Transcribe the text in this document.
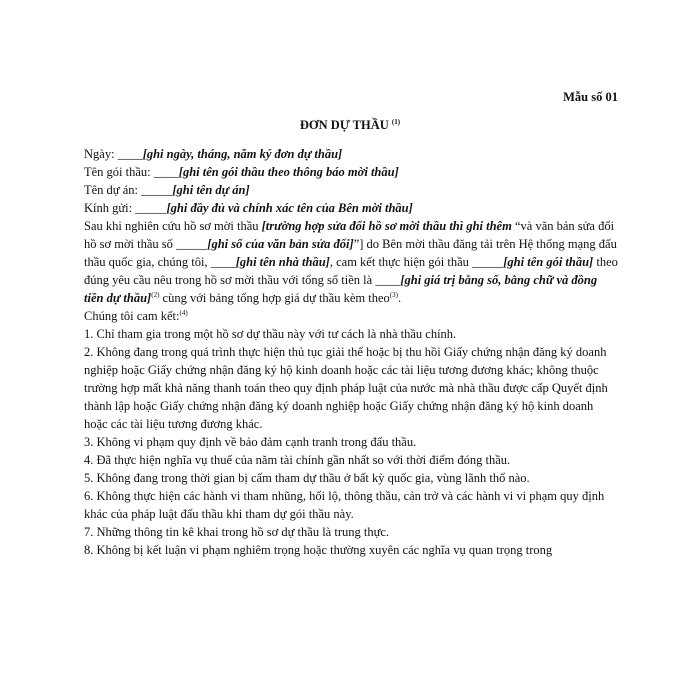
Mẫu số 01
ĐƠN DỰ THẦU $^{(1)}$

Ngày: ____[ghi ngày, tháng, năm ký đơn dự thầu]

Tên gói thầu: ____[ghi tên gói thầu theo thông báo mời thầu]

Tên dự án: _____[ghi tên dự án]

Kính gửi: _____[ghi đầy đủ và chính xác tên của Bên mời thầu]

Sau khi nghiên cứu hồ sơ mời thầu [trường hợp sửa đổi hồ sơ mời thầu thì ghi thêm “và văn bản sửa đổi hồ sơ mời thầu số _____[ghi số của văn bản sửa đổi]”] do Bên mời thầu đăng tải trên Hệ thống mạng đấu thầu quốc gia, chúng tôi, ____[ghi tên nhà thầu], cam kết thực hiện gói thầu _____[ghi tên gói thầu] theo đúng yêu cầu nêu trong hồ sơ mời thầu với tổng số tiền là ____[ghi giá trị bằng số, bằng chữ và đồng tiền dự thầu]$^{(2)}$ cùng với bảng tổng hợp giá dự thầu kèm theo$^{(3)}$.

Chúng tôi cam kết:$^{(4)}$

1. Chỉ tham gia trong một hồ sơ dự thầu này với tư cách là nhà thầu chính.

2. Không đang trong quá trình thực hiện thủ tục giải thể hoặc bị thu hồi Giấy chứng nhận đăng ký doanh nghiệp hoặc Giấy chứng nhận đăng ký hộ kinh doanh hoặc các tài liệu tương đương khác; không thuộc trường hợp mất khả năng thanh toán theo quy định pháp luật của nước mà nhà thầu được cấp Quyết định thành lập hoặc Giấy chứng nhận đăng ký doanh nghiệp hoặc Giấy chứng nhận đăng ký hộ kinh doanh hoặc các tài liệu tương đương khác.

3. Không vi phạm quy định về bảo đảm cạnh tranh trong đấu thầu.

4. Đã thực hiện nghĩa vụ thuế của năm tài chính gần nhất so với thời điểm đóng thầu.

5. Không đang trong thời gian bị cấm tham dự thầu ở bất kỳ quốc gia, vùng lãnh thổ nào.

6. Không thực hiện các hành vi tham nhũng, hối lộ, thông thầu, cản trở và các hành vi vi phạm quy định khác của pháp luật đấu thầu khi tham dự gói thầu này.

7. Những thông tin kê khai trong hồ sơ dự thầu là trung thực.

8. Không bị kết luận vi phạm nghiêm trọng hoặc thường xuyên các nghĩa vụ quan trọng trong
